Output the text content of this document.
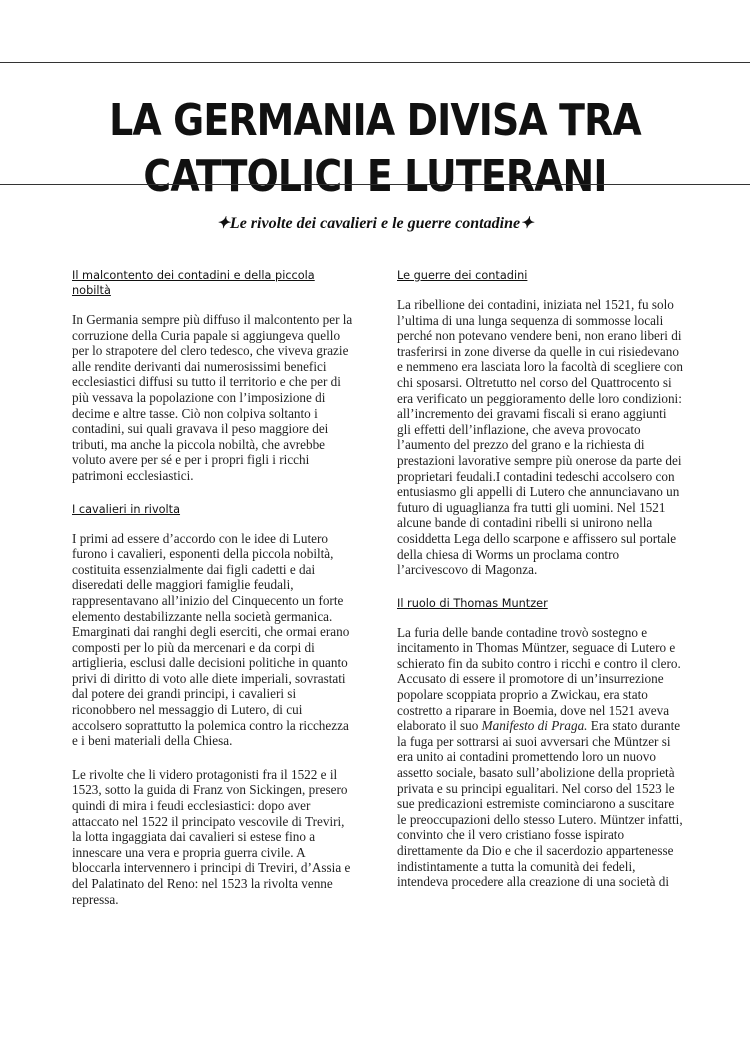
LA GERMANIA DIVISA TRA CATTOLICI E LUTERANI
✦Le rivolte dei cavalieri e le guerre contadine✦
Il malcontento dei contadini e della piccola nobiltà

In Germania sempre più diffuso il malcontento per la corruzione della Curia papale si aggiungeva quello per lo strapotere del clero tedesco, che viveva grazie alle rendite derivanti dai numerosissimi benefici ecclesiastici diffusi su tutto il territorio e che per di più vessava la popolazione con l’imposizione di decime e altre tasse. Ciò non colpiva soltanto i contadini, sui quali gravava il peso maggiore dei tributi, ma anche la piccola nobiltà, che avrebbe voluto avere per sé e per i propri figli i ricchi patrimoni ecclesiastici.

I cavalieri in rivolta

I primi ad essere d’accordo con le idee di Lutero furono i cavalieri, esponenti della piccola nobiltà, costituita essenzialmente dai figli cadetti e dai diseredati delle maggiori famiglie feudali, rappresentavano all’inizio del Cinquecento un forte elemento destabilizzante nella società germanica. Emarginati dai ranghi degli eserciti, che ormai erano composti per lo più da mercenari e da corpi di artiglieria, esclusi dalle decisioni politiche in quanto privi di diritto di voto alle diete imperiali, sovrastati dal potere dei grandi principi, i cavalieri si riconobbero nel messaggio di Lutero, di cui accolsero soprattutto la polemica contro la ricchezza e i beni materiali della Chiesa.

Le rivolte che li videro protagonisti fra il 1522 e il 1523, sotto la guida di Franz von Sickingen, presero quindi di mira i feudi ecclesiastici: dopo aver attaccato nel 1522 il principato vescovile di Treviri, la lotta ingaggiata dai cavalieri si estese fino a innescare una vera e propria guerra civile. A bloccarla intervennero i principi di Treviri, d’Assia e del Palatinato del Reno: nel 1523 la rivolta venne repressa.

Le guerre dei contadini

La ribellione dei contadini, iniziata nel 1521, fu solo l’ultima di una lunga sequenza di sommosse locali perché non potevano vendere beni, non erano liberi di trasferirsi in zone diverse da quelle in cui risiedevano e nemmeno era lasciata loro la facoltà di scegliere con chi sposarsi. Oltretutto nel corso del Quattrocento si era verificato un peggioramento delle loro condizioni: all’incremento dei gravami fiscali si erano aggiunti gli effetti dell’inflazione, che aveva provocato l’aumento del prezzo del grano e la richiesta di prestazioni lavorative sempre più onerose da parte dei proprietari feudali.I contadini tedeschi accolsero con entusiasmo gli appelli di Lutero che annunciavano un futuro di uguaglianza fra tutti gli uomini. Nel 1521 alcune bande di contadini ribelli si unirono nella cosiddetta Lega dello scarpone e affissero sul portale della chiesa di Worms un proclama contro l’arcivescovo di Magonza.

Il ruolo di Thomas Muntzer

La furia delle bande contadine trovò sostegno e incitamento in Thomas Müntzer, seguace di Lutero e schierato fin da subito contro i ricchi e contro il clero. Accusato di essere il promotore di un’insurrezione popolare scoppiata proprio a Zwickau, era stato costretto a riparare in Boemia, dove nel 1521 aveva elaborato il suo Manifesto di Praga. Era stato durante la fuga per sottrarsi ai suoi avversari che Müntzer si era unito ai contadini promettendo loro un nuovo assetto sociale, basato sull’abolizione della proprietà privata e su principi egualitari. Nel corso del 1523 le sue predicazioni estremiste cominciarono a suscitare le preoccupazioni dello stesso Lutero. Müntzer infatti, convinto che il vero cristiano fosse ispirato direttamente da Dio e che il sacerdozio appartenesse indistintamente a tutta la comunità dei fedeli, intendeva procedere alla creazione di una società di
